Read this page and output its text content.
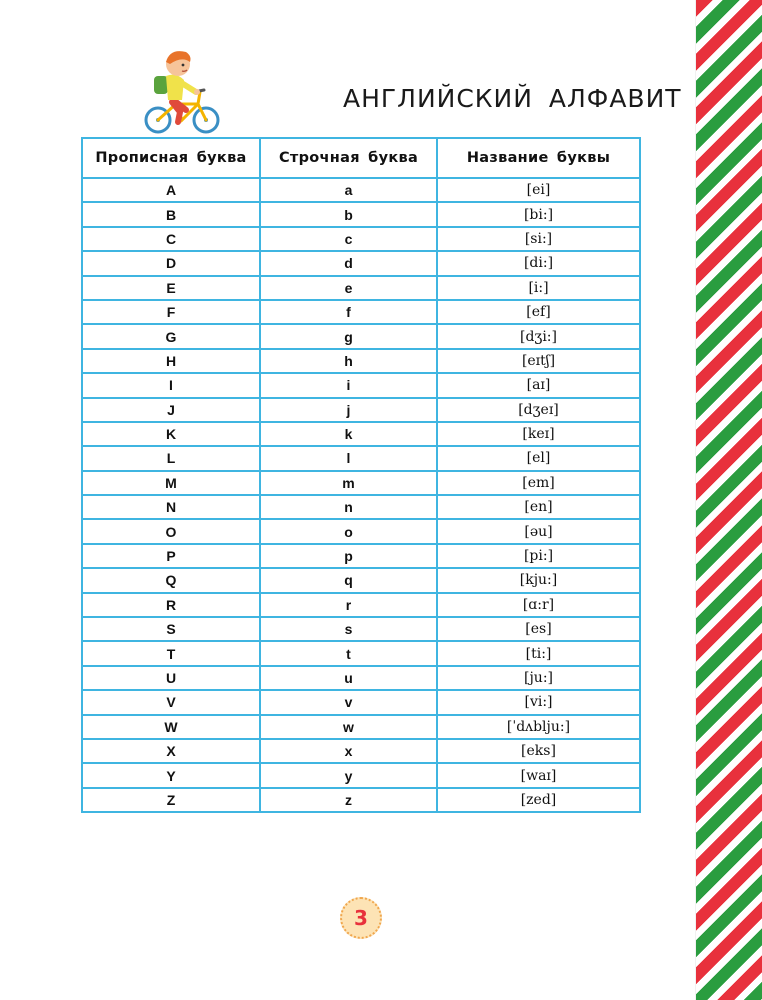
АНГЛИЙСКИЙ АЛФАВИТ
Прописная буква	Строчная буква	Название буквы
A	a	[ei]
B	b	[bi:]
C	c	[si:]
D	d	[di:]
E	e	[i:]
F	f	[ef]
G	g	[dʒi:]
H	h	[eɪtʃ]
I	i	[aɪ]
J	j	[dʒeɪ]
K	k	[keɪ]
L	l	[el]
M	m	[em]
N	n	[en]
O	o	[əu]
P	p	[pi:]
Q	q	[kju:]
R	r	[ɑ:r]
S	s	[es]
T	t	[ti:]
U	u	[ju:]
V	v	[vi:]
W	w	[ˈdʌblju:]
X	x	[eks]
Y	y	[waɪ]
Z	z	[zed]
3
